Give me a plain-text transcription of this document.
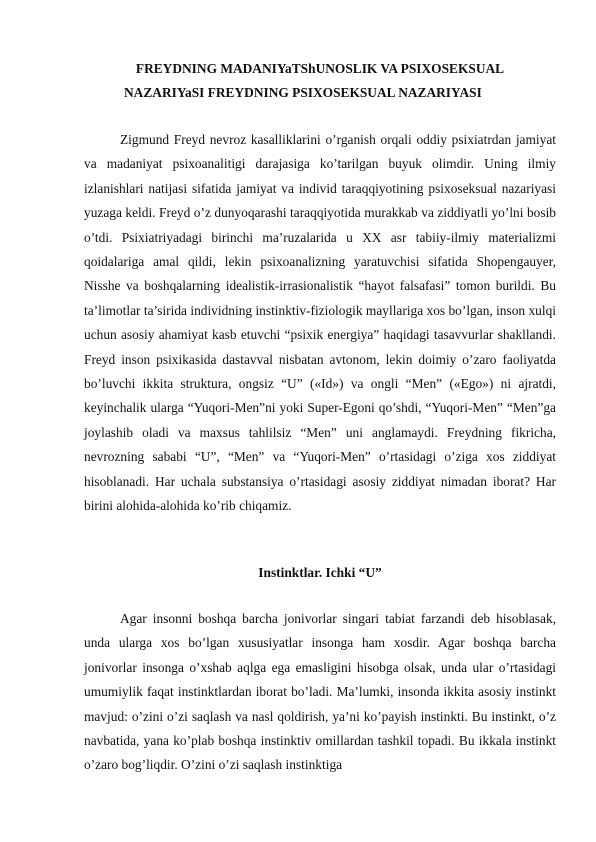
FREYDNING MADANIYaTShUNOSLIK VA PSIXOSEKSUAL
NAZARIYaSI FREYDNING PSIXOSEKSUAL NAZARIYASI

Zigmund Freyd nevroz kasalliklarini o’rganish orqali oddiy psixiatrdan jamiyat va madaniyat psixoanalitigi darajasiga ko’tarilgan buyuk olimdir. Uning ilmiy izlanishlari natijasi sifatida jamiyat va individ taraqqiyotining psixoseksual nazariyasi yuzaga keldi. Freyd o’z dunyoqarashi taraqqiyotida murakkab va ziddiyatli yo’lni bosib o’tdi. Psixiatriyadagi birinchi ma’ruzalarida u XX asr tabiiy-ilmiy materializmi qoidalariga amal qildi, lekin psixoanalizning yaratuvchisi sifatida Shopengauyer, Nisshe va boshqalarning idealistik-irrasionalistik “hayot falsafasi” tomon burildi. Bu ta’limotlar ta’sirida individning instinktiv-fiziologik mayllariga xos bo’lgan, inson xulqi uchun asosiy ahamiyat kasb etuvchi “psixik energiya” haqidagi tasavvurlar shakllandi. Freyd inson psixikasida dastavval nisbatan avtonom, lekin doimiy o’zaro faoliyatda bo’luvchi ikkita struktura, ongsiz “U” («Id») va ongli “Men” («Ego») ni ajratdi, keyinchalik ularga “Yuqori-Men”ni yoki Super-Egoni qo’shdi, “Yuqori-Men” “Men”ga joylashib oladi va maxsus tahlilsiz “Men” uni anglamaydi. Freydning fikricha, nevrozning sababi “U”, “Men” va “Yuqori-Men” o’rtasidagi o’ziga xos ziddiyat hisoblanadi. Har uchala substansiya o’rtasidagi asosiy ziddiyat nimadan iborat? Har birini alohida-alohida ko’rib chiqamiz.

Instinktlar. Ichki “U”

Agar insonni boshqa barcha jonivorlar singari tabiat farzandi deb hisoblasak, unda ularga xos bo’lgan xususiyatlar insonga ham xosdir. Agar boshqa barcha jonivorlar insonga o’xshab aqlga ega emasligini hisobga olsak, unda ular o’rtasidagi umumiylik faqat instinktlardan iborat bo’ladi. Ma’lumki, insonda ikkita asosiy instinkt mavjud: o’zini o’zi saqlash va nasl qoldirish, ya’ni ko’payish instinkti. Bu instinkt, o’z navbatida, yana ko’plab boshqa instinktiv omillardan tashkil topadi. Bu ikkala instinkt o’zaro bog’liqdir. O’zini o’zi saqlash instinktiga
